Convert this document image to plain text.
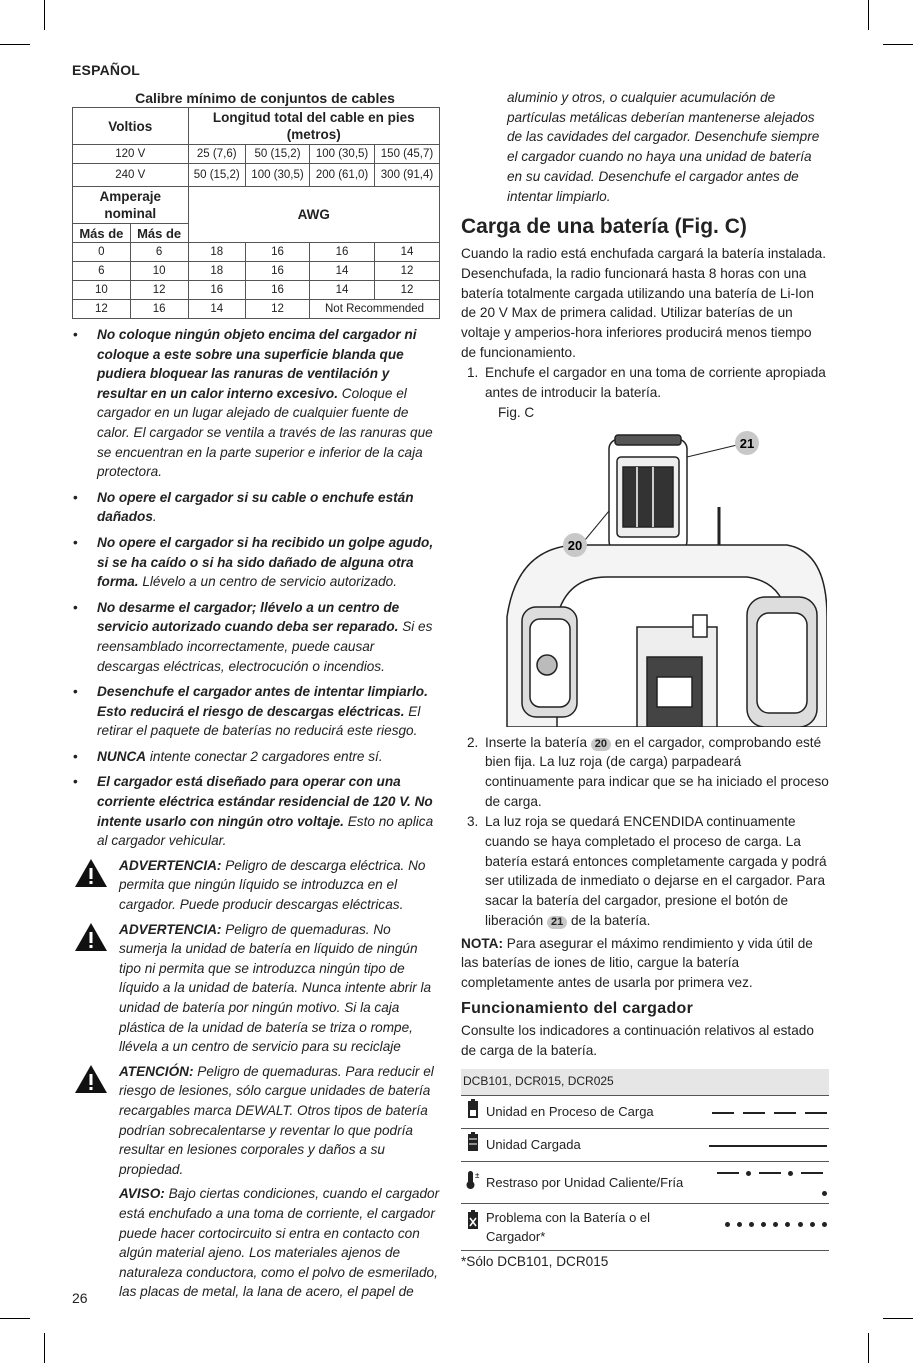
ESPAÑOL
26
Calibre mínimo de conjuntos de cables
Voltios		Longitud total del cable en pies (metros)			
120 V		25 (7,6)	50 (15,2)	100 (30,5)	150 (45,7)
240 V		50 (15,2)	100 (30,5)	200 (61,0)	300 (91,4)
Amperaje nominal		AWG			
Más de	Más de				
0	6	18	16	16	14
6	10	18	16	14	12
10	12	16	16	14	12
12	16	14	12	Not Recommended	
• No coloque ningún objeto encima del cargador ni coloque a este sobre una superficie blanda que pudiera bloquear las ranuras de ventilación y resultar en un calor interno excesivo. Coloque el cargador en un lugar alejado de cualquier fuente de calor. El cargador se ventila a través de las ranuras que se encuentran en la parte superior e inferior de la caja protectora.
• No opere el cargador si su cable o enchufe están dañados.
• No opere el cargador si ha recibido un golpe agudo, si se ha caído o si ha sido dañado de alguna otra forma. Llévelo a un centro de servicio autorizado.
• No desarme el cargador; llévelo a un centro de servicio autorizado cuando deba ser reparado. Si es reensamblado incorrectamente, puede causar descargas eléctricas, electrocución o incendios.
• Desenchufe el cargador antes de intentar limpiarlo. Esto reducirá el riesgo de descargas eléctricas. El retirar el paquete de baterías no reducirá este riesgo.
• NUNCA intente conectar 2 cargadores entre sí.
• El cargador está diseñado para operar con una corriente eléctrica estándar residencial de 120 V. No intente usarlo con ningún otro voltaje. Esto no aplica al cargador vehicular.
ADVERTENCIA: Peligro de descarga eléctrica. No permita que ningún líquido se introduzca en el cargador. Puede producir descargas eléctricas.
ADVERTENCIA: Peligro de quemaduras. No sumerja la unidad de batería en líquido de ningún tipo ni permita que se introduzca ningún tipo de líquido a la unidad de batería. Nunca intente abrir la unidad de batería por ningún motivo. Si la caja plástica de la unidad de batería se triza o rompe, llévela a un centro de servicio para su reciclaje
ATENCIÓN: Peligro de quemaduras. Para reducir el riesgo de lesiones, sólo cargue unidades de batería recargables marca DEWALT. Otros tipos de batería podrían sobrecalentarse y reventar lo que podría resultar en lesiones corporales y daños a su propiedad.
AVISO: Bajo ciertas condiciones, cuando el cargador está enchufado a una toma de corriente, el cargador puede hacer cortocircuito si entra en contacto con algún material ajeno. Los materiales ajenos de naturaleza conductora, como el polvo de esmerilado, las placas de metal, la lana de acero, el papel de
aluminio y otros, o cualquier acumulación de partículas metálicas deberían mantenerse alejados de las cavidades del cargador. Desenchufe siempre el cargador cuando no haya una unidad de batería en su cavidad. Desenchufe el cargador antes de intentar limpiarlo.
Carga de una batería (Fig. C)
Cuando la radio está enchufada cargará la batería instalada. Desenchufada, la radio funcionará hasta 8 horas con una batería totalmente cargada utilizando una batería de Li-Ion de 20 V Max de primera calidad. Utilizar baterías de un voltaje y amperios-hora inferiores producirá menos tiempo de funcionamiento.
1. Enchufe el cargador en una toma de corriente apropiada antes de introducir la batería.
Fig. C
21
20
2. Inserte la batería 20 en el cargador, comprobando esté bien fija. La luz roja (de carga) parpadeará continuamente para indicar que se ha iniciado el proceso de carga.
3. La luz roja se quedará ENCENDIDA continuamente cuando se haya completado el proceso de carga. La batería estará entonces completamente cargada y podrá ser utilizada de inmediato o dejarse en el cargador. Para sacar la batería del cargador, presione el botón de liberación 21 de la batería.
NOTA: Para asegurar el máximo rendimiento y vida útil de las baterías de iones de litio, cargue la batería completamente antes de usarla por primera vez.
Funcionamiento del cargador
Consulte los indicadores a continuación relativos al estado de carga de la batería.
DCB101, DCR015, DCR025		
	Unidad en Proceso de Carga	
	Unidad Cargada	

±	Restraso por Unidad Caliente/Fría	
	Problema con la Batería o el Cargador*	
*Sólo DCB101, DCR015
